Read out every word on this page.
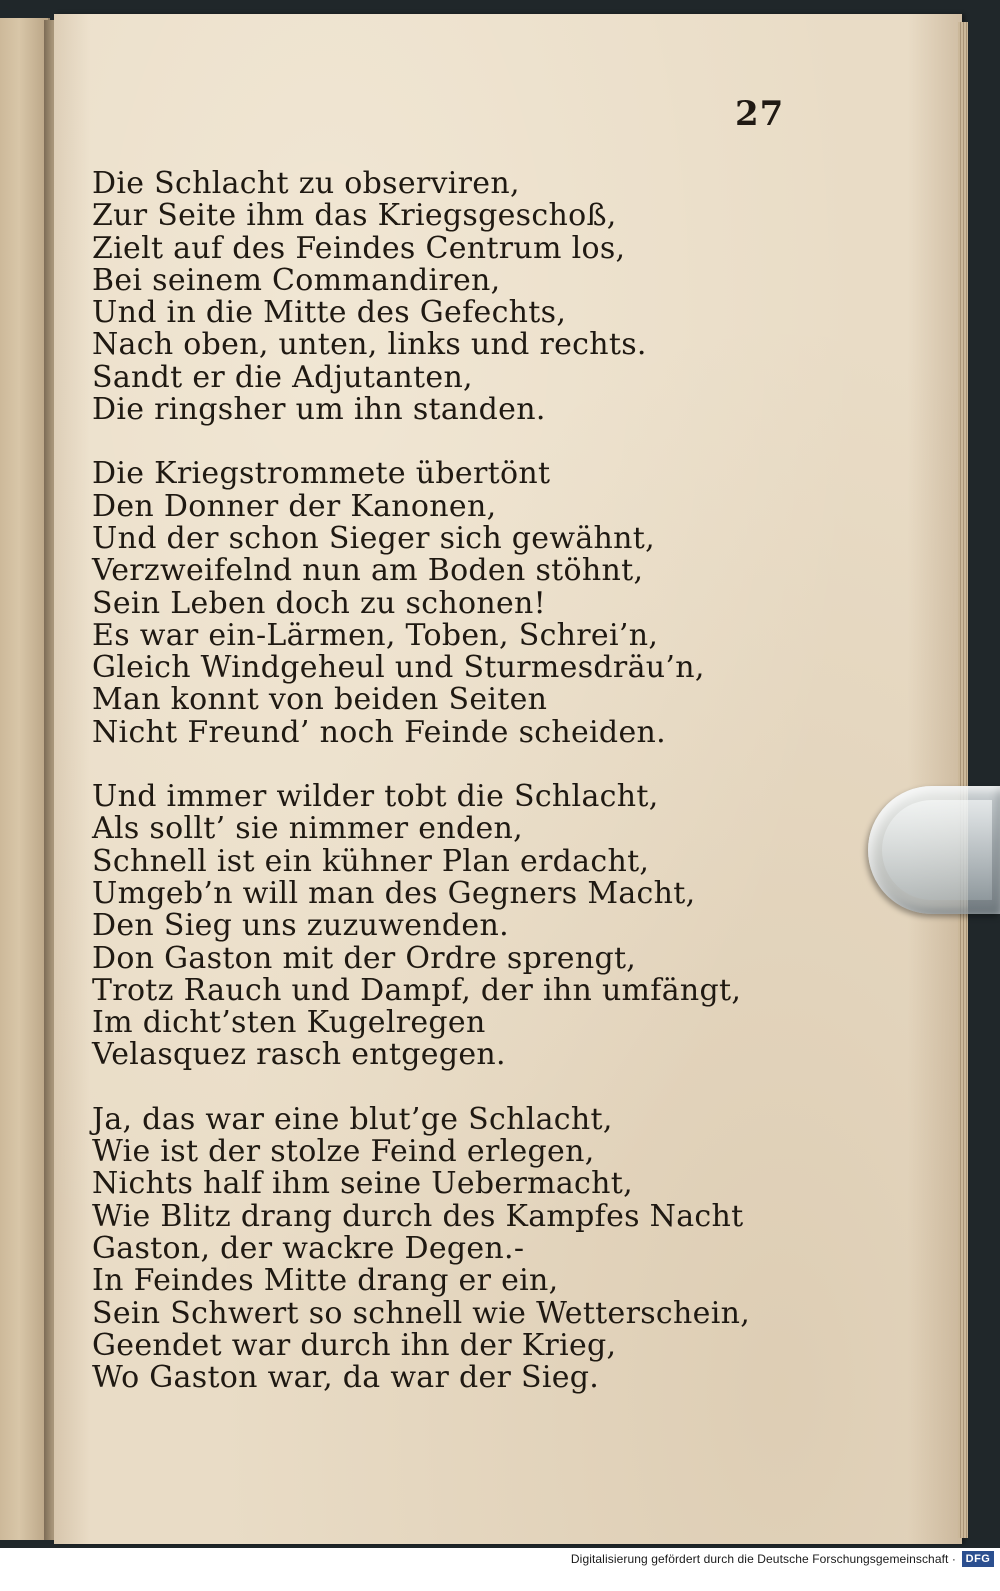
27
Die Schlacht zu observiren,
Zur Seite ihm das Kriegsgeschoß,
Zielt auf des Feindes Centrum los,
Bei seinem Commandiren,
Und in die Mitte des Gefechts,
Nach oben, unten, links und rechts.
Sandt er die Adjutanten,
Die ringsher um ihn standen.
Die Kriegstrommete übertönt
Den Donner der Kanonen,
Und der schon Sieger sich gewähnt,
Verzweifelnd nun am Boden stöhnt,
Sein Leben doch zu schonen!
Es war ein-Lärmen, Toben, Schrei’n,
Gleich Windgeheul und Sturmesdräu’n,
Man konnt von beiden Seiten
Nicht Freund’ noch Feinde scheiden.
Und immer wilder tobt die Schlacht,
Als sollt’ sie nimmer enden,
Schnell ist ein kühner Plan erdacht,
Umgeb’n will man des Gegners Macht,
Den Sieg uns zuzuwenden.
Don Gaston mit der Ordre sprengt,
Trotz Rauch und Dampf, der ihn umfängt,
Im dicht’sten Kugelregen
Velasquez rasch entgegen.
Ja, das war eine blut’ge Schlacht,
Wie ist der stolze Feind erlegen,
Nichts half ihm seine Uebermacht,
Wie Blitz drang durch des Kampfes Nacht
Gaston, der wackre Degen.-
In Feindes Mitte drang er ein,
Sein Schwert so schnell wie Wetterschein,
Geendet war durch ihn der Krieg,
Wo Gaston war, da war der Sieg.
Digitalisierung gefördert durch die Deutsche Forschungsgemeinschaft · DFG
